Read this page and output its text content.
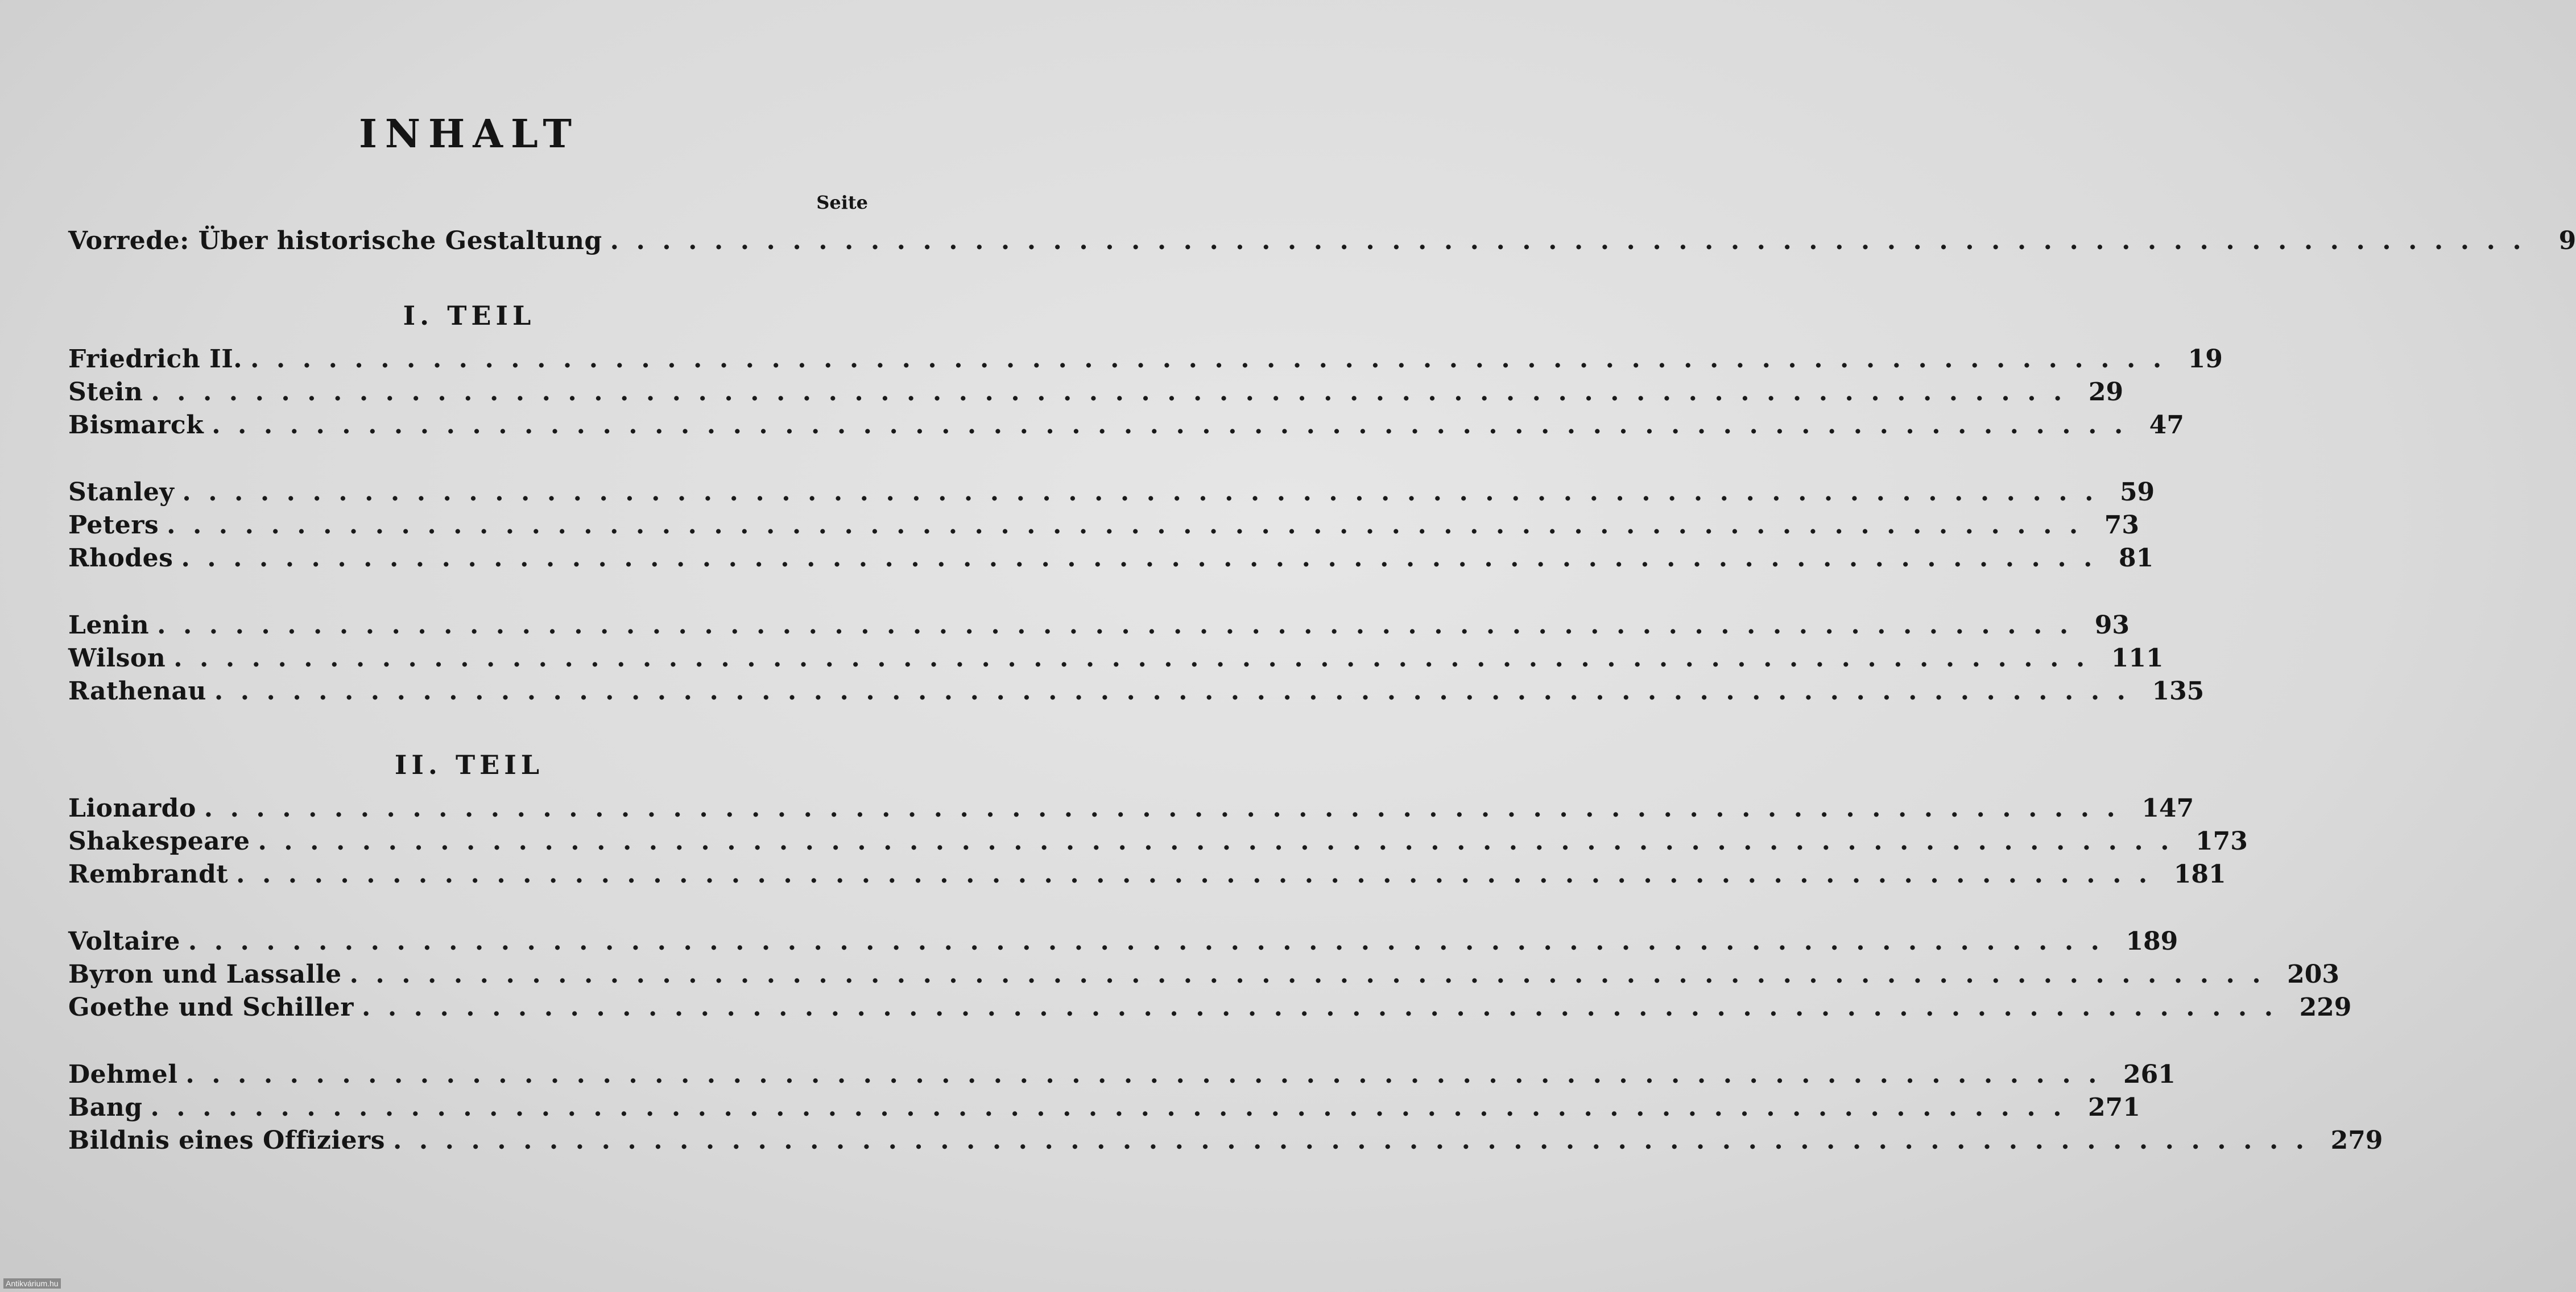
INHALT
Seite
Vorrede: Über historische Gestaltung .......................................................................... 9
I. TEIL
Friedrich II. .......................................................................... 19
Stein .......................................................................... 29
Bismarck .......................................................................... 47
Stanley .......................................................................... 59
Peters .......................................................................... 73
Rhodes .......................................................................... 81
Lenin .......................................................................... 93
Wilson .......................................................................... 111
Rathenau .......................................................................... 135
II. TEIL
Lionardo .......................................................................... 147
Shakespeare .......................................................................... 173
Rembrandt .......................................................................... 181
Voltaire .......................................................................... 189
Byron und Lassalle .......................................................................... 203
Goethe und Schiller .......................................................................... 229
Dehmel .......................................................................... 261
Bang .......................................................................... 271
Bildnis eines Offiziers .......................................................................... 279
Antikvárium.hu
